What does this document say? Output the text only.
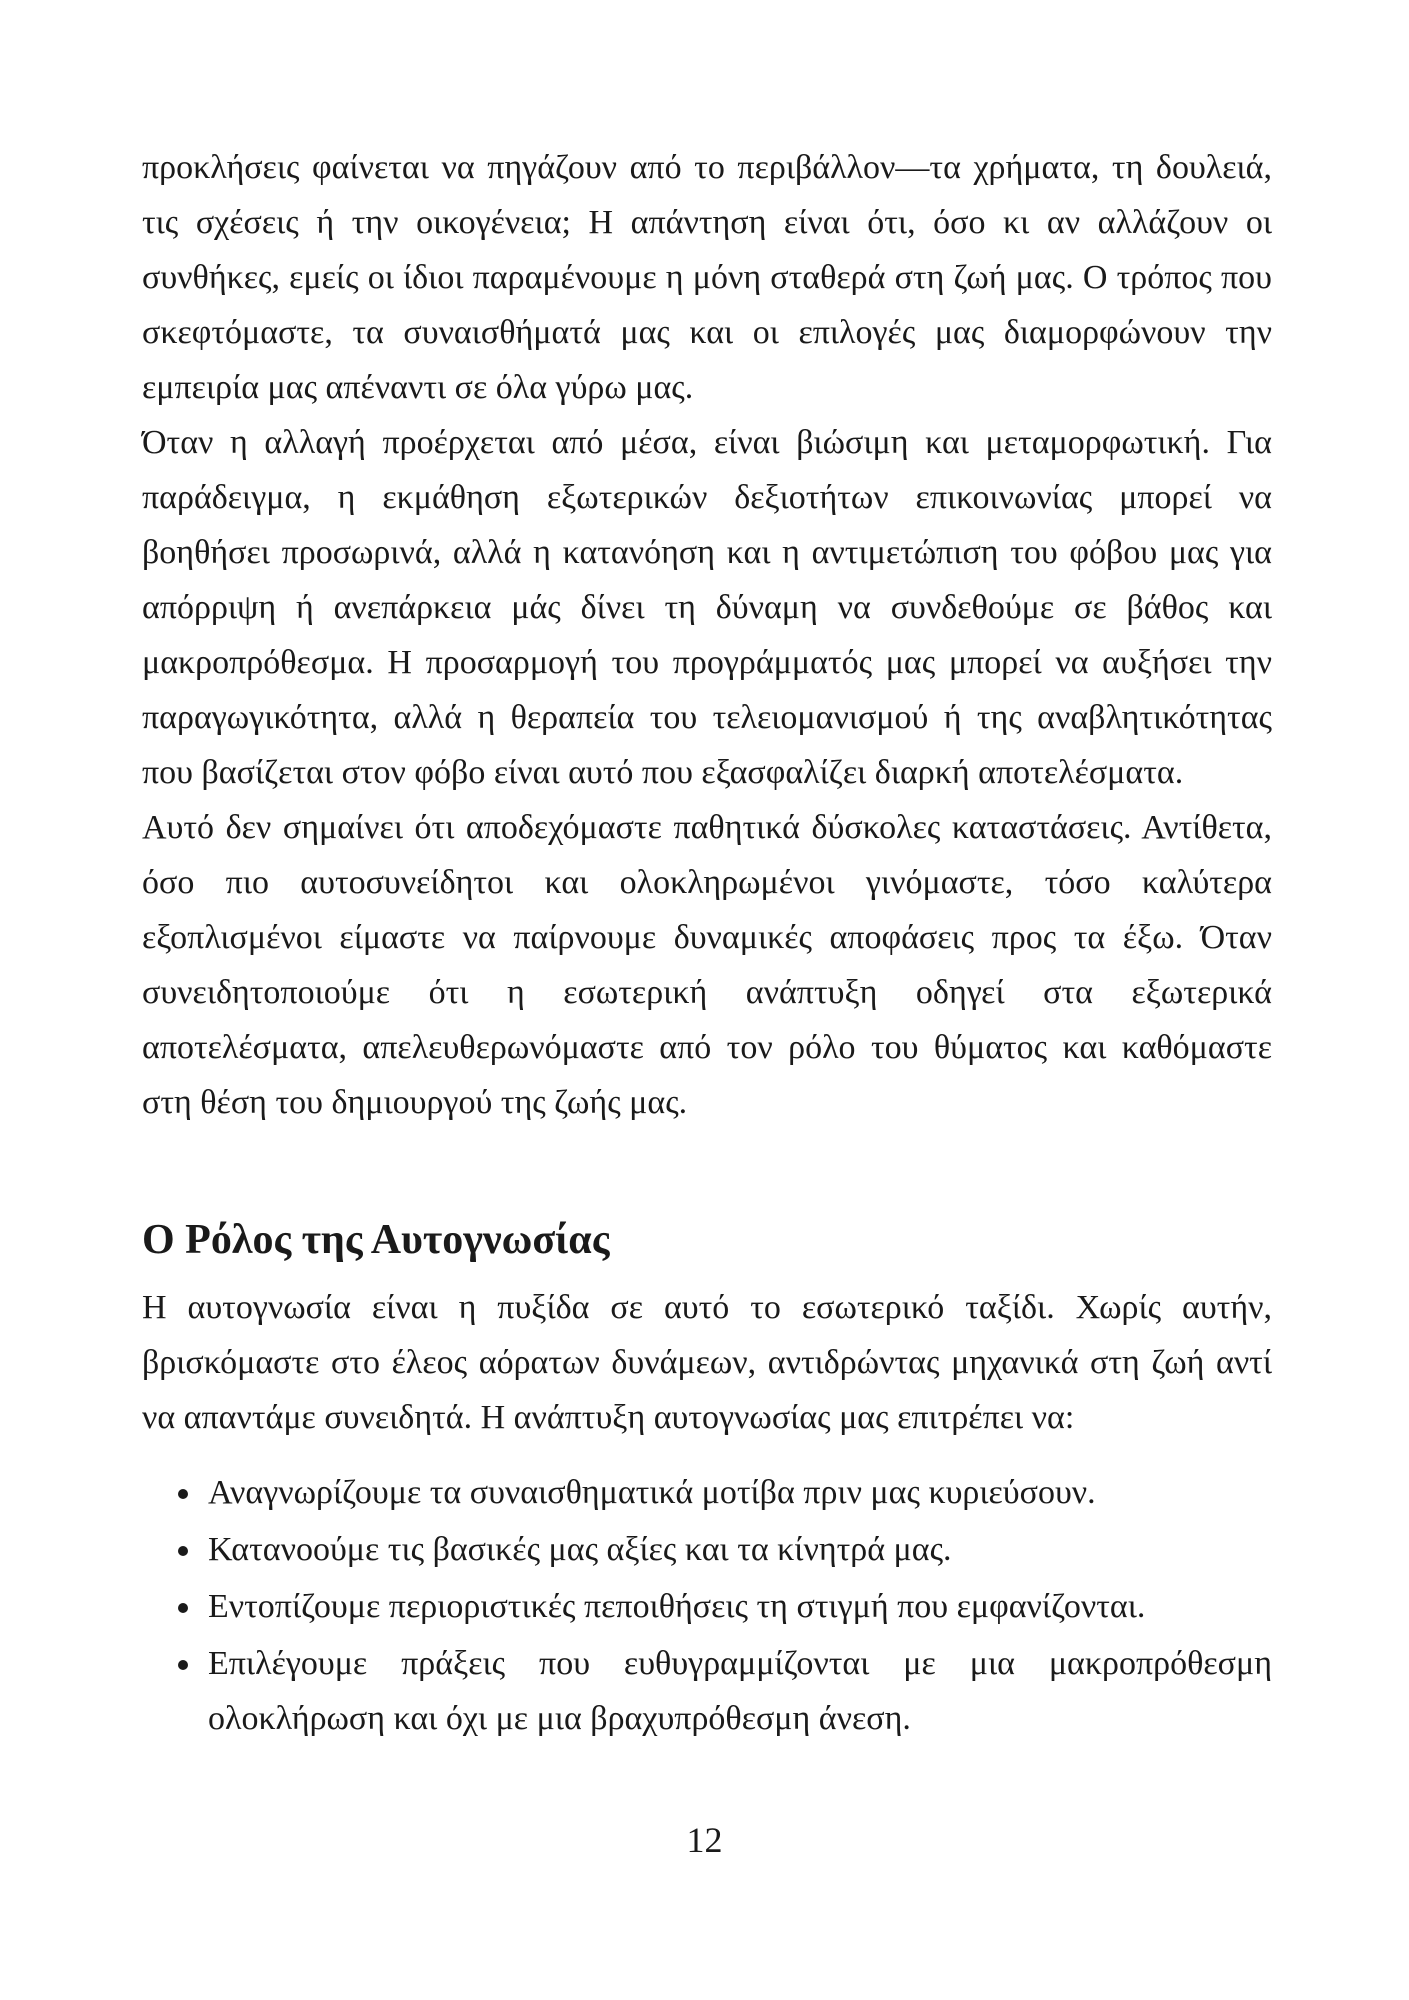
προκλήσεις φαίνεται να πηγάζουν από το περιβάλλον—τα χρήματα, τη δουλειά, τις σχέσεις ή την οικογένεια; Η απάντηση είναι ότι, όσο κι αν αλλάζουν οι συνθήκες, εμείς οι ίδιοι παραμένουμε η μόνη σταθερά στη ζωή μας. Ο τρόπος που σκεφτόμαστε, τα συναισθήματά μας και οι επιλογές μας διαμορφώνουν την εμπειρία μας απέναντι σε όλα γύρω μας.

Όταν η αλλαγή προέρχεται από μέσα, είναι βιώσιμη και μεταμορφωτική. Για παράδειγμα, η εκμάθηση εξωτερικών δεξιοτήτων επικοινωνίας μπορεί να βοηθήσει προσωρινά, αλλά η κατανόηση και η αντιμετώπιση του φόβου μας για απόρριψη ή ανεπάρκεια μάς δίνει τη δύναμη να συνδεθούμε σε βάθος και μακροπρόθεσμα. Η προσαρμογή του προγράμματός μας μπορεί να αυξήσει την παραγωγικότητα, αλλά η θεραπεία του τελειομανισμού ή της αναβλητικότητας που βασίζεται στον φόβο είναι αυτό που εξασφαλίζει διαρκή αποτελέσματα.

Αυτό δεν σημαίνει ότι αποδεχόμαστε παθητικά δύσκολες καταστάσεις. Αντίθετα, όσο πιο αυτοσυνείδητοι και ολοκληρωμένοι γινόμαστε, τόσο καλύτερα εξοπλισμένοι είμαστε να παίρνουμε δυναμικές αποφάσεις προς τα έξω. Όταν συνειδητοποιούμε ότι η εσωτερική ανάπτυξη οδηγεί στα εξωτερικά αποτελέσματα, απελευθερωνόμαστε από τον ρόλο του θύματος και καθόμαστε στη θέση του δημιουργού της ζωής μας.

Ο Ρόλος της Αυτογνωσίας

Η αυτογνωσία είναι η πυξίδα σε αυτό το εσωτερικό ταξίδι. Χωρίς αυτήν, βρισκόμαστε στο έλεος αόρατων δυνάμεων, αντιδρώντας μηχανικά στη ζωή αντί να απαντάμε συνειδητά. Η ανάπτυξη αυτογνωσίας μας επιτρέπει να:

Αναγνωρίζουμε τα συναισθηματικά μοτίβα πριν μας κυριεύσουν.
Κατανοούμε τις βασικές μας αξίες και τα κίνητρά μας.
Εντοπίζουμε περιοριστικές πεποιθήσεις τη στιγμή που εμφανίζονται.
Επιλέγουμε πράξεις που ευθυγραμμίζονται με μια μακροπρόθεσμη ολοκλήρωση και όχι με μια βραχυπρόθεσμη άνεση.
12
